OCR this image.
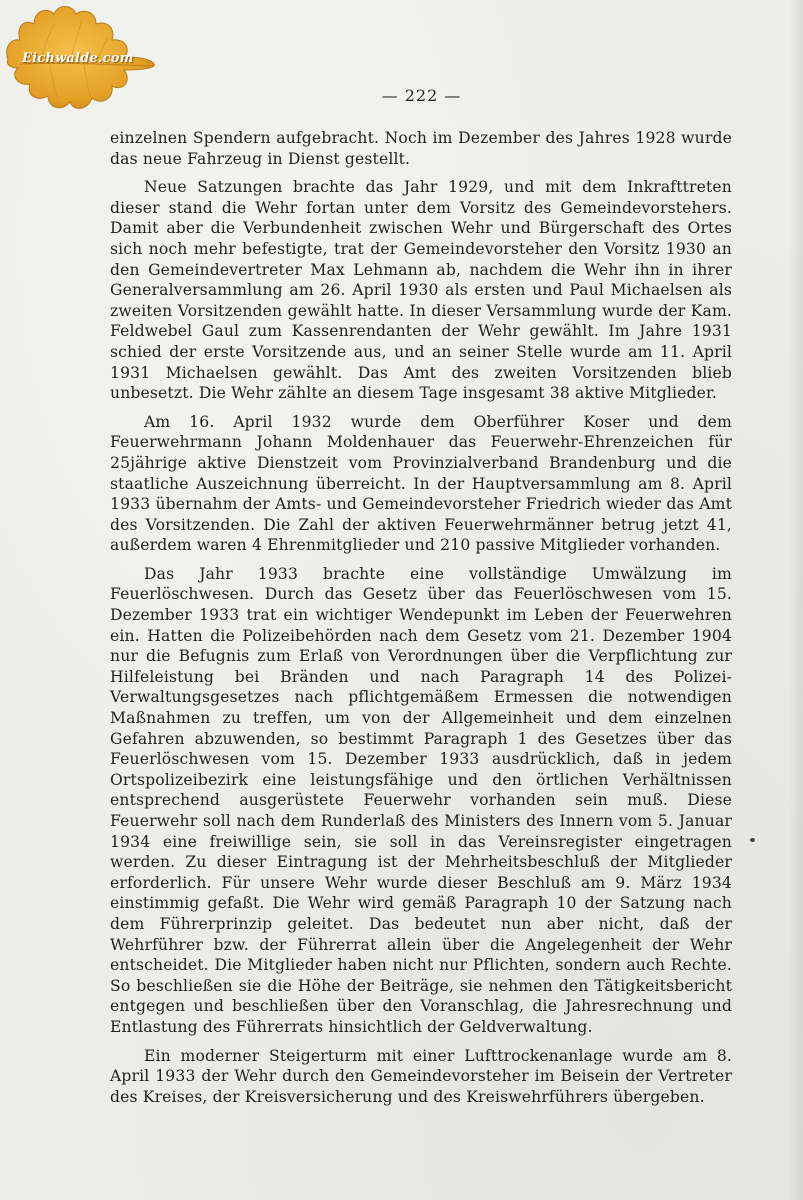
Eichwalde.com
— 222 —

einzelnen Spendern aufgebracht. Noch im Dezember des Jahres 1928 wurde das neue Fahrzeug in Dienst gestellt.

Neue Satzungen brachte das Jahr 1929, und mit dem Inkrafttreten dieser stand die Wehr fortan unter dem Vorsitz des Gemeindevorstehers. Damit aber die Verbundenheit zwischen Wehr und Bürgerschaft des Ortes sich noch mehr befestigte, trat der Gemeindevorsteher den Vorsitz 1930 an den Gemeindevertreter Max Lehmann ab, nachdem die Wehr ihn in ihrer Generalversammlung am 26. April 1930 als ersten und Paul Michaelsen als zweiten Vorsitzenden gewählt hatte. In dieser Versammlung wurde der Kam. Feldwebel Gaul zum Kassenrendanten der Wehr gewählt. Im Jahre 1931 schied der erste Vorsitzende aus, und an seiner Stelle wurde am 11. April 1931 Michaelsen gewählt. Das Amt des zweiten Vorsitzenden blieb unbesetzt. Die Wehr zählte an diesem Tage insgesamt 38 aktive Mitglieder.

Am 16. April 1932 wurde dem Oberführer Koser und dem Feuerwehrmann Johann Moldenhauer das Feuerwehr-Ehrenzeichen für 25jährige aktive Dienstzeit vom Provinzialverband Brandenburg und die staatliche Auszeichnung überreicht. In der Hauptversammlung am 8. April 1933 übernahm der Amts- und Gemeindevorsteher Friedrich wieder das Amt des Vorsitzenden. Die Zahl der aktiven Feuerwehrmänner betrug jetzt 41, außerdem waren 4 Ehrenmitglieder und 210 passive Mitglieder vorhanden.

Das Jahr 1933 brachte eine vollständige Umwälzung im Feuerlöschwesen. Durch das Gesetz über das Feuerlöschwesen vom 15. Dezember 1933 trat ein wichtiger Wendepunkt im Leben der Feuerwehren ein. Hatten die Polizeibehörden nach dem Gesetz vom 21. Dezember 1904 nur die Befugnis zum Erlaß von Verordnungen über die Verpflichtung zur Hilfeleistung bei Bränden und nach Paragraph 14 des Polizei-Verwaltungsgesetzes nach pflichtgemäßem Ermessen die notwendigen Maßnahmen zu treffen, um von der Allgemeinheit und dem einzelnen Gefahren abzuwenden, so bestimmt Paragraph 1 des Gesetzes über das Feuerlöschwesen vom 15. Dezember 1933 ausdrücklich, daß in jedem Ortspolizeibezirk eine leistungsfähige und den örtlichen Verhältnissen entsprechend ausgerüstete Feuerwehr vorhanden sein muß. Diese Feuerwehr soll nach dem Runderlaß des Ministers des Innern vom 5. Januar 1934 eine freiwillige sein, sie soll in das Vereinsregister eingetragen werden. Zu dieser Eintragung ist der Mehrheitsbeschluß der Mitglieder erforderlich. Für unsere Wehr wurde dieser Beschluß am 9. März 1934 einstimmig gefaßt. Die Wehr wird gemäß Paragraph 10 der Satzung nach dem Führerprinzip geleitet. Das bedeutet nun aber nicht, daß der Wehrführer bzw. der Führerrat allein über die Angelegenheit der Wehr entscheidet. Die Mitglieder haben nicht nur Pflichten, sondern auch Rechte. So beschließen sie die Höhe der Beiträge, sie nehmen den Tätigkeitsbericht entgegen und beschließen über den Voranschlag, die Jahresrechnung und Entlastung des Führerrats hinsichtlich der Geldverwaltung.

Ein moderner Steigerturm mit einer Lufttrockenanlage wurde am 8. April 1933 der Wehr durch den Gemeindevorsteher im Beisein der Vertreter des Kreises, der Kreisversicherung und des Kreiswehrführers übergeben.
